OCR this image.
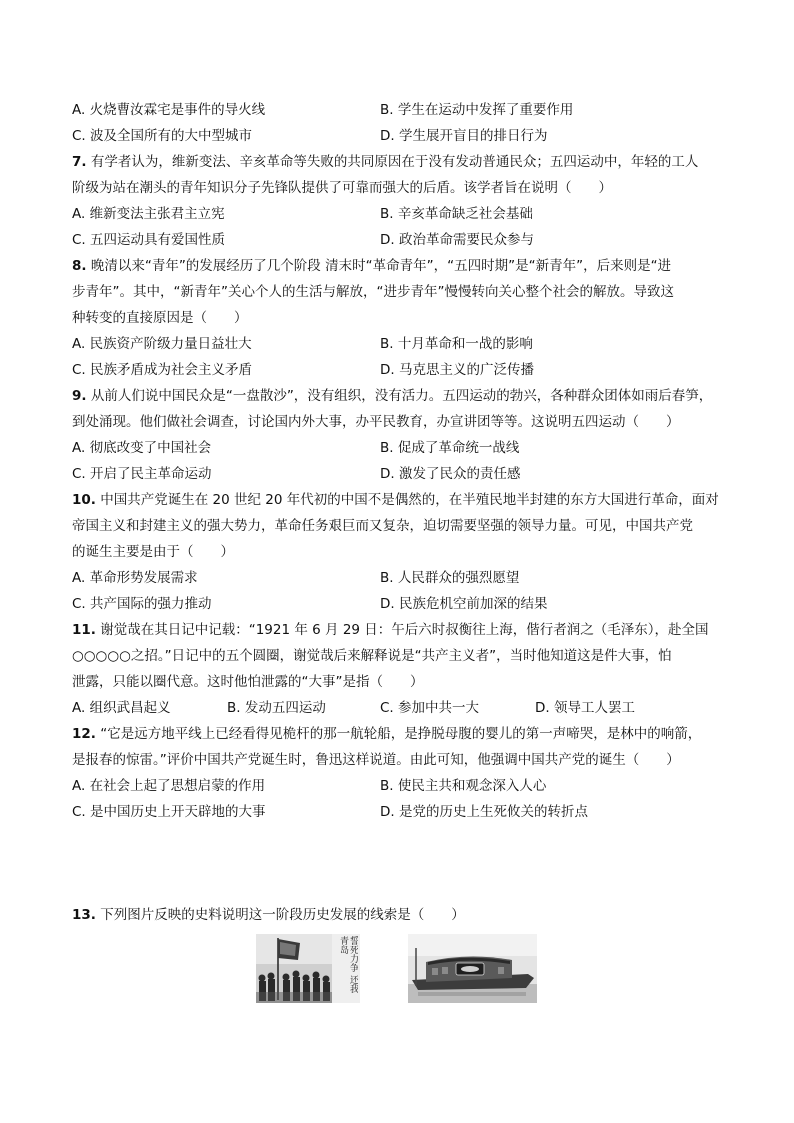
A. 火烧曹汝霖宅是事件的导火线	B. 学生在运动中发挥了重要作用
C. 波及全国所有的大中型城市	D. 学生展开盲目的排日行为
7. 有学者认为，维新变法、辛亥革命等失败的共同原因在于没有发动普通民众；五四运动中，年轻的工人
阶级为站在潮头的青年知识分子先锋队提供了可靠而强大的后盾。该学者旨在说明（　　）
A. 维新变法主张君主立宪	B. 辛亥革命缺乏社会基础
C. 五四运动具有爱国性质	D. 政治革命需要民众参与
8. 晚清以来“青年”的发展经历了几个阶段 清末时“革命青年”，“五四时期”是“新青年”，后来则是“进
步青年”。其中，“新青年”关心个人的生活与解放，“进步青年”慢慢转向关心整个社会的解放。导致这
种转变的直接原因是（　　）
A. 民族资产阶级力量日益壮大	B. 十月革命和一战的影响
C. 民族矛盾成为社会主义矛盾	D. 马克思主义的广泛传播
9. 从前人们说中国民众是“一盘散沙”，没有组织，没有活力。五四运动的勃兴，各种群众团体如雨后春笋，
到处涌现。他们做社会调查，讨论国内外大事，办平民教育，办宣讲团等等。这说明五四运动（　　）
A. 彻底改变了中国社会	B. 促成了革命统一战线
C. 开启了民主革命运动	D. 激发了民众的责任感
10. 中国共产党诞生在 20 世纪 20 年代初的中国不是偶然的，在半殖民地半封建的东方大国进行革命，面对
帝国主义和封建主义的强大势力，革命任务艰巨而又复杂，迫切需要坚强的领导力量。可见，中国共产党
的诞生主要是由于（　　）
A. 革命形势发展需求	B. 人民群众的强烈愿望
C. 共产国际的强力推动	D. 民族危机空前加深的结果
11. 谢觉哉在其日记中记载：“1921 年 6 月 29 日：午后六时叔衡往上海，偕行者润之（毛泽东），赴全国
○○○○○之招。”日记中的五个圆圈，谢觉哉后来解释说是“共产主义者”，当时他知道这是件大事，怕
泄露，只能以圈代意。这时他怕泄露的“大事”是指（　　）
A. 组织武昌起义	B. 发动五四运动	C. 参加中共一大	D. 领导工人罢工
12. “它是远方地平线上已经看得见桅杆的那一航轮船，是挣脱母腹的婴儿的第一声啼哭，是林中的响箭，
是报春的惊雷。”评价中国共产党诞生时，鲁迅这样说道。由此可知，他强调中国共产党的诞生（　　）
A. 在社会上起了思想启蒙的作用	B. 使民主共和观念深入人心
C. 是中国历史上开天辟地的大事	D. 是党的历史上生死攸关的转折点
13. 下列图片反映的史料说明这一阶段历史发展的线索是（　　）
誓死力争 还我青岛
